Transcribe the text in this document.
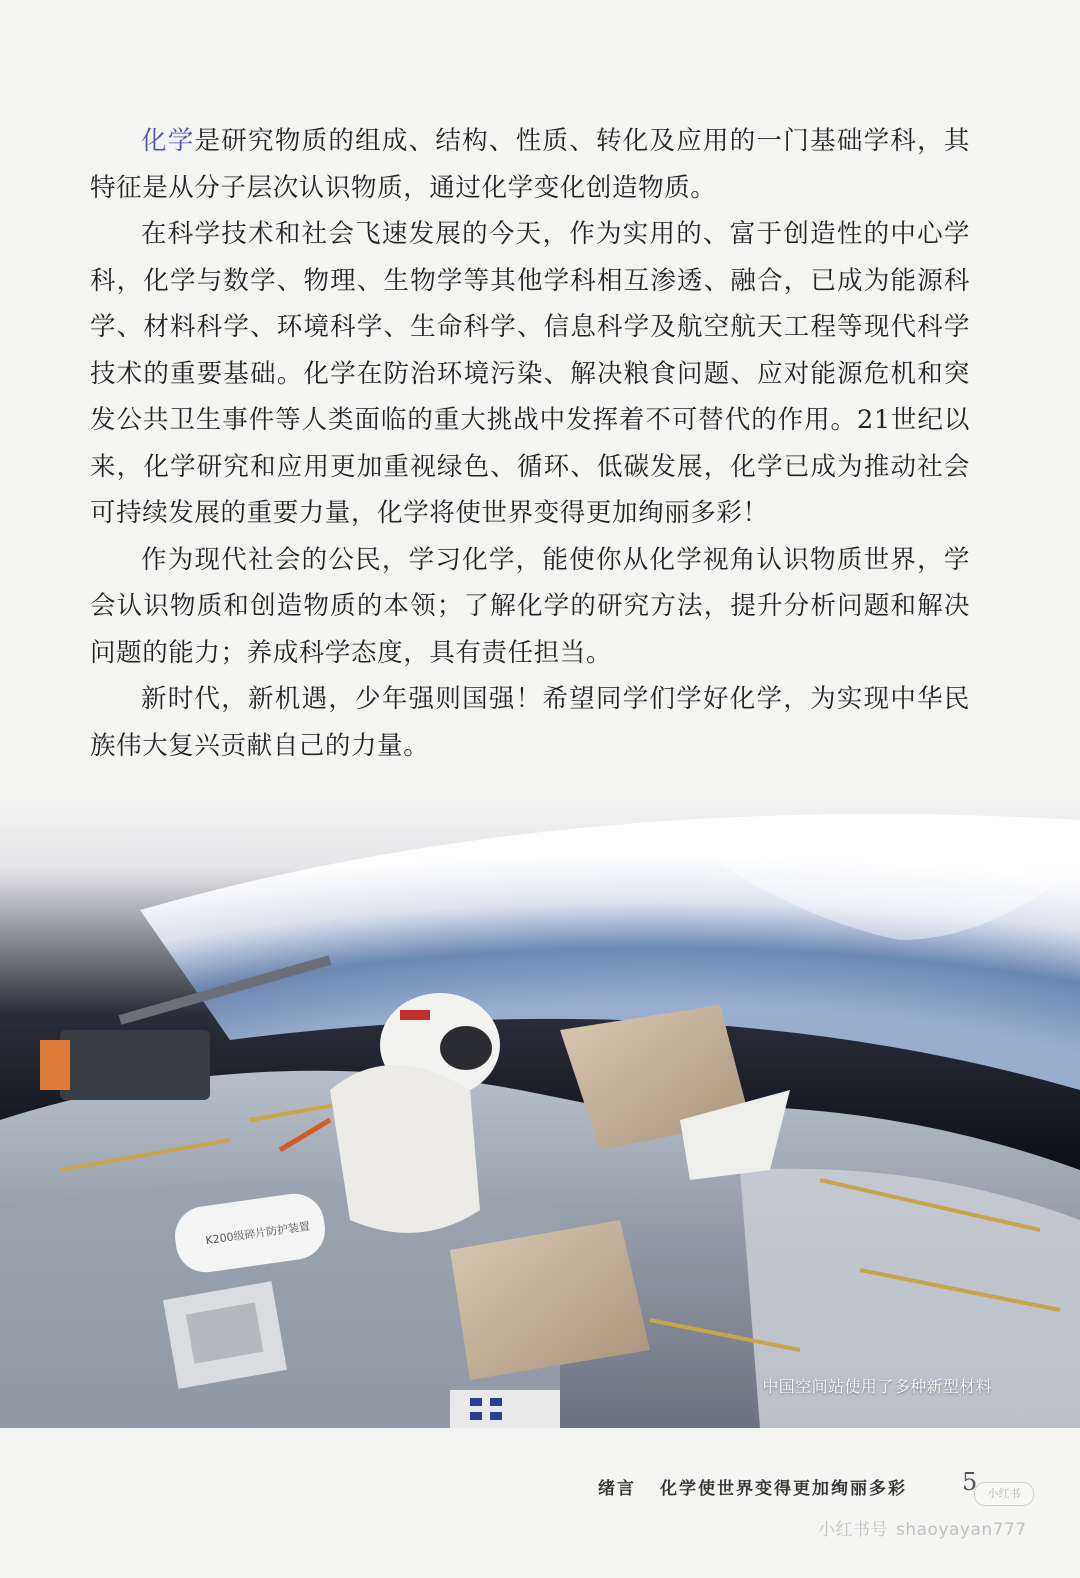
化学是研究物质的组成、结构、性质、转化及应用的一门基础学科，其特征是从分子层次认识物质，通过化学变化创造物质。

在科学技术和社会飞速发展的今天，作为实用的、富于创造性的中心学科，化学与数学、物理、生物学等其他学科相互渗透、融合，已成为能源科学、材料科学、环境科学、生命科学、信息科学及航空航天工程等现代科学技术的重要基础。化学在防治环境污染、解决粮食问题、应对能源危机和突发公共卫生事件等人类面临的重大挑战中发挥着不可替代的作用。21世纪以来，化学研究和应用更加重视绿色、循环、低碳发展，化学已成为推动社会可持续发展的重要力量，化学将使世界变得更加绚丽多彩！

作为现代社会的公民，学习化学，能使你从化学视角认识物质世界，学会认识物质和创造物质的本领；了解化学的研究方法，提升分析问题和解决问题的能力；养成科学态度，具有责任担当。

新时代，新机遇，少年强则国强！希望同学们学好化学，为实现中华民族伟大复兴贡献自己的力量。

K200级碎片防护装置
中国空间站使用了多种新型材料
绪言 化学使世界变得更加绚丽多彩 5 小红书
小红书号 shaoyayan777
